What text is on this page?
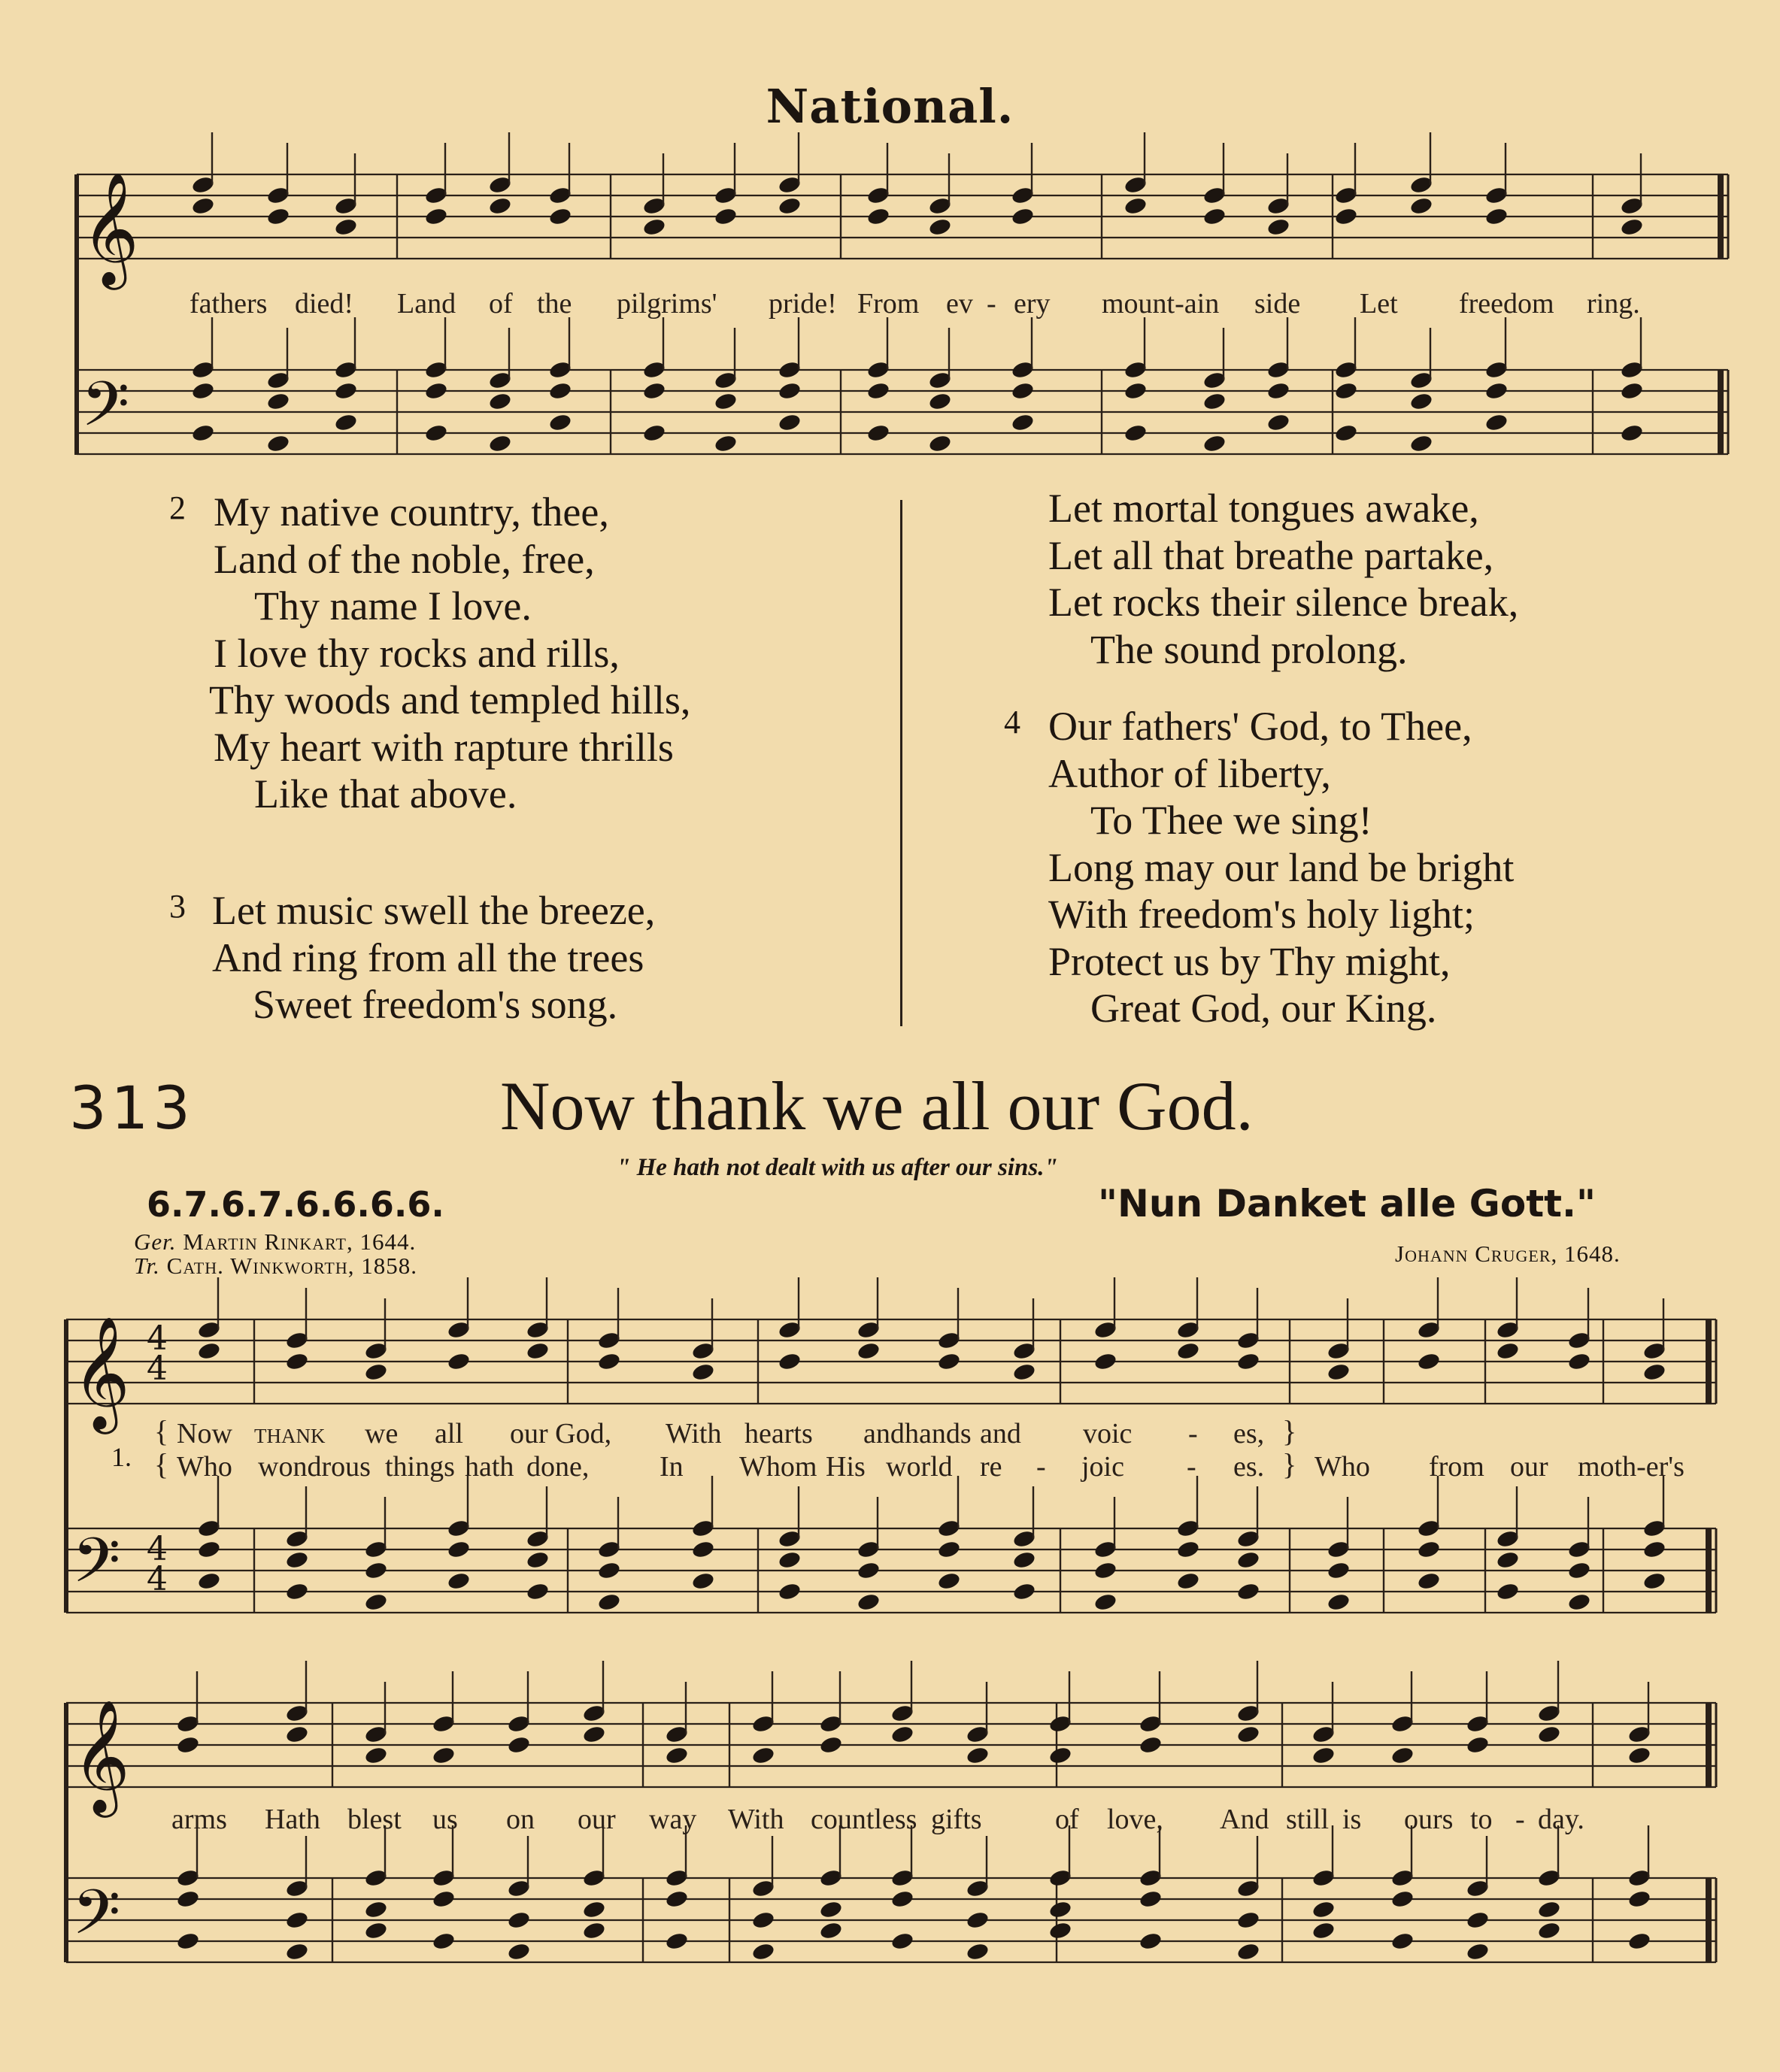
𝄞
𝄢
𝄞
𝄢
4
4
4
4
𝄞
𝄢
National.
fathers died! Land of the pilgrims' pride! From ev - ery mount-ain side Let freedom ring.
2 My native country, thee,
Land of the noble, free,
Thy name I love.
I love thy rocks and rills,
Thy woods and templed hills,
My heart with rapture thrills
Like that above.
3 Let music swell the breeze,
And ring from all the trees
Sweet freedom's song.
Let mortal tongues awake,
Let all that breathe partake,
Let rocks their silence break,
The sound prolong.
4 Our fathers' God, to Thee,
Author of liberty,
To Thee we sing!
Long may our land be bright
With freedom's holy light;
Protect us by Thy might,
Great God, our King.
313	Now thank we all our God.
" He hath not dealt with us after our sins."
6.7.6.7.6.6.6.6.	"Nun Danket alle Gott."
Ger. Martin Rinkart, 1644.
Tr. Cath. Winkworth, 1858.	Johann Cruger, 1648.
1.
{
{
}
}
Now thank we all our God, With hearts and hands and voic - es,
Who wondrous things hath done, In Whom His world re - joic - es. Who from our moth-er's
arms Hath blest us on our way With countless gifts	of love, And still is ours to - day.
